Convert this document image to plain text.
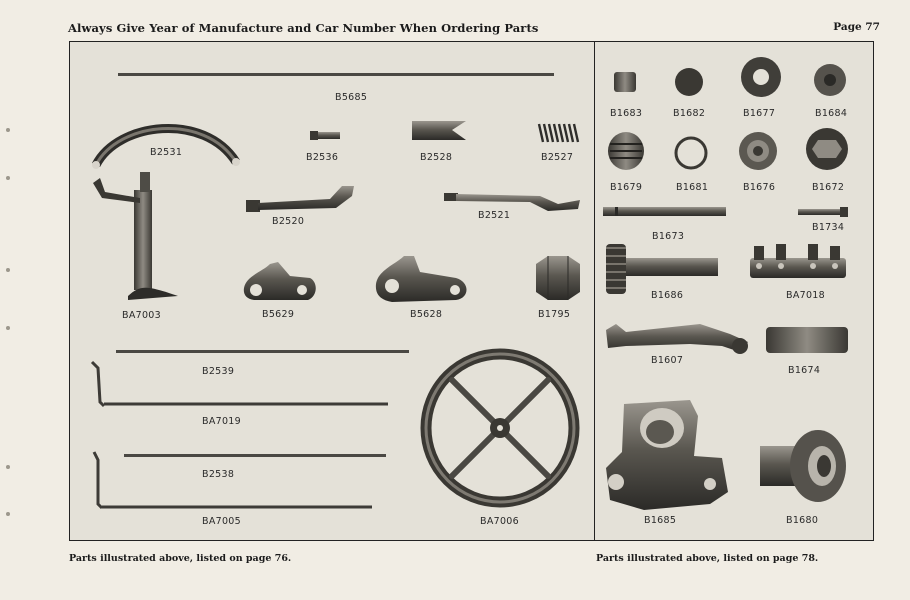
Always Give Year of Manufacture and Car Number When Ordering Parts	Page 77
B5685
B2531	B2536	B2528	B2527
B2520
B2521
BA7003	B5629	B5628	B1795
B2539
BA7019
B2538
BA7005	BA7006
B1683	B1682	B1677	B1684
B1679	B1681	B1676	B1672
B1673
B1734
B1686	BA7018
B1607
B1674
B1685	B1680
Parts illustrated above, listed on page 76.	Parts illustrated above, listed on page 78.
